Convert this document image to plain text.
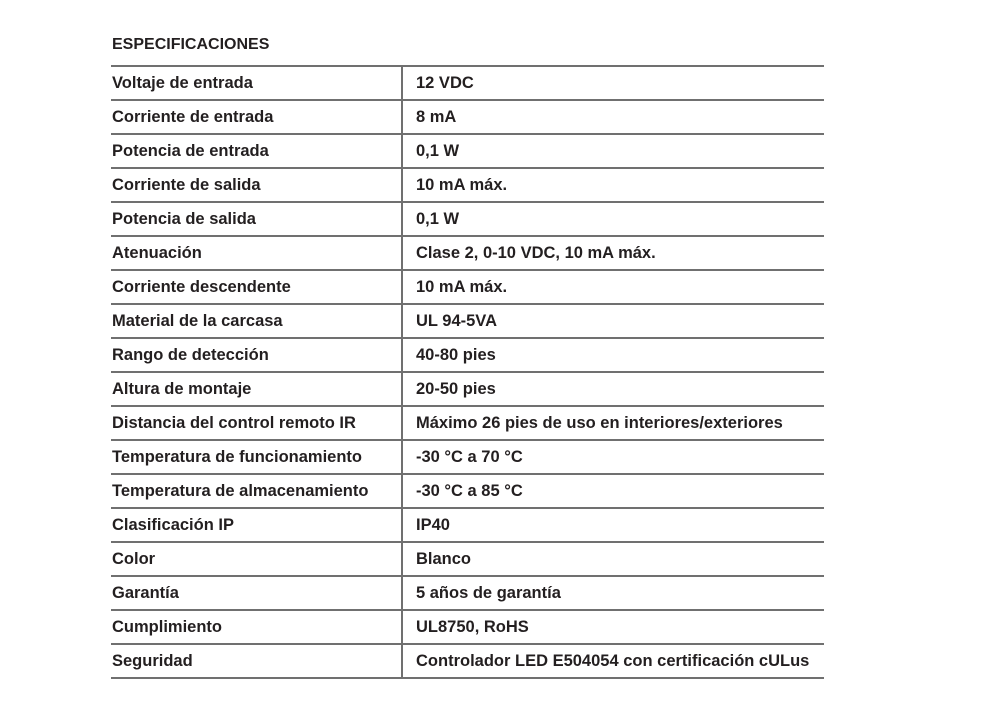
ESPECIFICACIONES
Voltaje de entrada	12 VDC
Corriente de entrada	8 mA
Potencia de entrada	0,1 W
Corriente de salida	10 mA máx.
Potencia de salida	0,1 W
Atenuación	Clase 2, 0-10 VDC, 10 mA máx.
Corriente descendente	10 mA máx.
Material de la carcasa	UL 94-5VA
Rango de detección	40-80 pies
Altura de montaje	20-50 pies
Distancia del control remoto IR	Máximo 26 pies de uso en interiores/exteriores
Temperatura de funcionamiento	-30 °C a 70 °C
Temperatura de almacenamiento	-30 °C a 85 °C
Clasificación IP	IP40
Color	Blanco
Garantía	5 años de garantía
Cumplimiento	UL8750, RoHS
Seguridad	Controlador LED E504054 con certificación cULus
